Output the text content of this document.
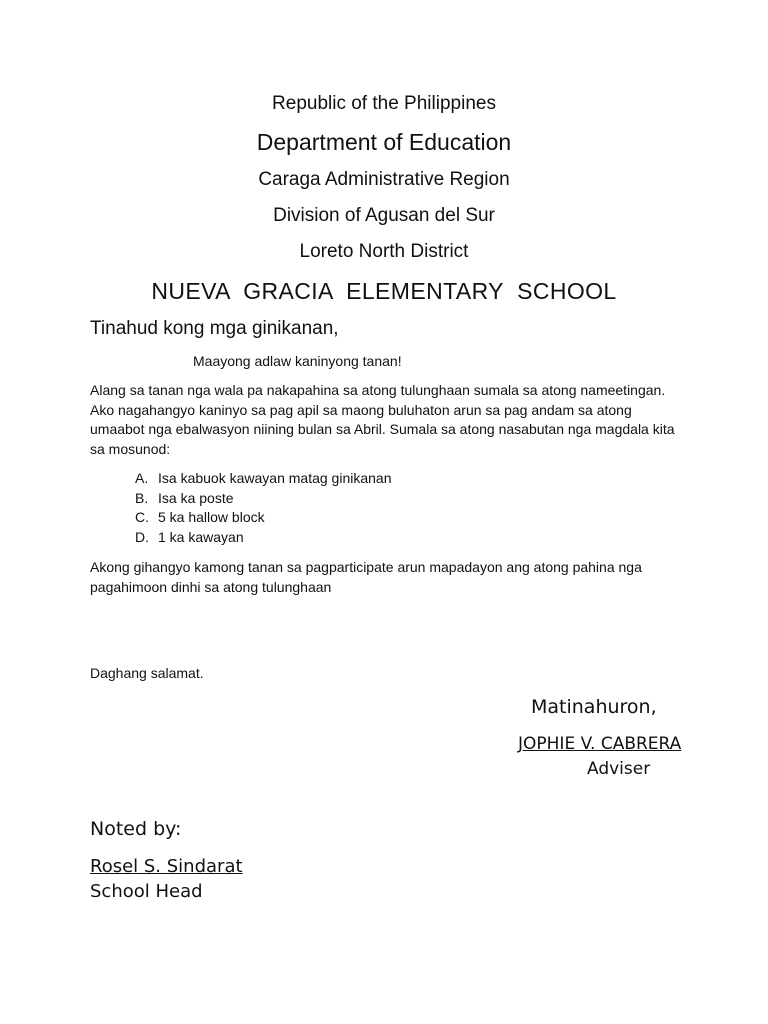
Republic of the Philippines
Department of Education
Caraga Administrative Region
Division of Agusan del Sur
Loreto North District
NUEVA  GRACIA  ELEMENTARY  SCHOOL
Tinahud kong mga ginikanan,
Maayong adlaw kaninyong tanan!
Alang sa tanan nga wala pa nakapahina sa atong tulunghaan sumala sa atong nameetingan. Ako nagahangyo kaninyo sa pag apil sa maong buluhaton arun sa pag andam sa atong umaabot nga ebalwasyon niining bulan sa Abril. Sumala sa atong nasabutan nga magdala kita sa mosunod:
A. Isa kabuok kawayan matag ginikanan
B. Isa ka poste
C. 5 ka hallow block
D. 1 ka kawayan
Akong gihangyo kamong tanan sa pagparticipate arun mapadayon ang atong pahina nga pagahimoon dinhi sa atong tulunghaan
Daghang salamat.
Matinahuron,
JOPHIE V. CABRERA
Adviser
Noted by:
Rosel S. Sindarat
School Head
